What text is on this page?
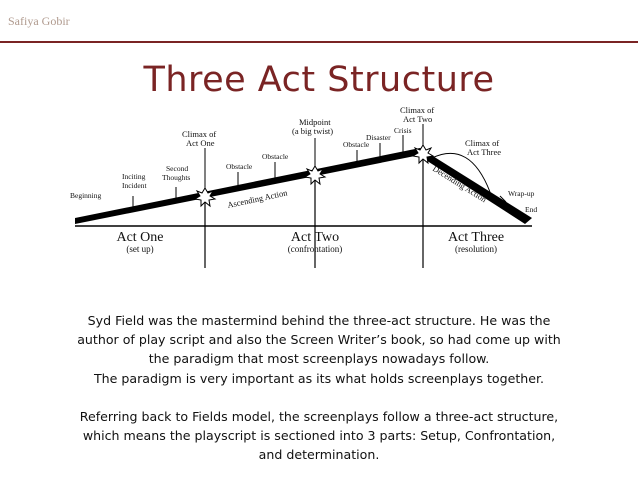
Safiya Gobir
Three Act Structure
Beginning
Inciting
Incident
Second
Thoughts
Climax of
Act One
Obstacle
Obstacle
Ascending Action
Midpoint
(a big twist)
Obstacle
Disaster
Crisis
Climax of
Act Two
Climax of
Act Three
Decending Action	Wrap-up
End
Act One
(set up)
Act Two
(confrontation)
Act Three
(resolution)

Syd Field was the mastermind behind the three-act structure. He was the

author of play script and also the Screen Writer’s book, so had come up with

the paradigm that most screenplays nowadays follow.

The paradigm is very important as its what holds screenplays together.

Referring back to Fields model, the screenplays follow a three-act structure,

which means the playscript is sectioned into 3 parts: Setup, Confrontation,

and determination.
